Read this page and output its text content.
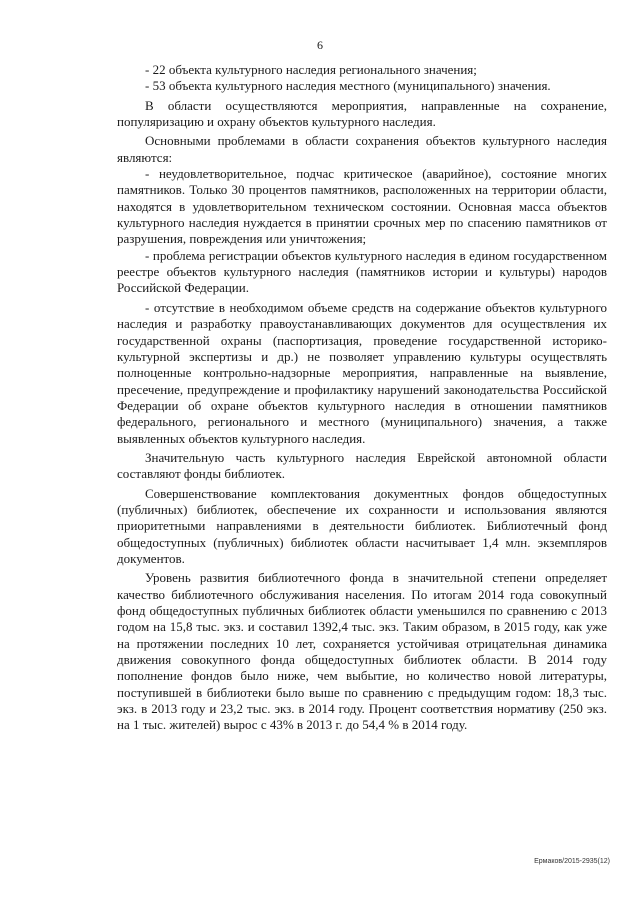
6

- 22 объекта культурного наследия регионального значения;

- 53 объекта культурного наследия местного (муниципального) значения.

В области осуществляются мероприятия, направленные на сохранение, популяризацию и охрану объектов культурного наследия.

Основными проблемами в области сохранения объектов культурного наследия являются:

- неудовлетворительное, подчас критическое (аварийное), состояние многих памятников. Только 30 процентов памятников, расположенных на территории области, находятся в удовлетворительном техническом состоянии. Основная масса объектов культурного наследия нуждается в принятии срочных мер по спасению памятников от разрушения, повреждения или уничтожения;

- проблема регистрации объектов культурного наследия в едином государственном реестре объектов культурного наследия (памятников истории и культуры) народов Российской Федерации.

- отсутствие в необходимом объеме средств на содержание объектов культурного наследия и разработку правоустанавливающих документов для осуществления их государственной охраны (паспортизация, проведение государственной историко-культурной экспертизы и др.) не позволяет управлению культуры осуществлять полноценные контрольно-надзорные мероприятия, направленные на выявление, пресечение, предупреждение и профилактику нарушений законодательства Российской Федерации об охране объектов культурного наследия в отношении памятников федерального, регионального и местного (муниципального) значения, а также выявленных объектов культурного наследия.

Значительную часть культурного наследия Еврейской автономной области составляют фонды библиотек.

Совершенствование комплектования документных фондов общедоступных (публичных) библиотек, обеспечение их сохранности и использования являются приоритетными направлениями в деятельности библиотек. Библиотечный фонд общедоступных (публичных) библиотек области насчитывает 1,4 млн. экземпляров документов.

Уровень развития библиотечного фонда в значительной степени определяет качество библиотечного обслуживания населения. По итогам 2014 года совокупный фонд общедоступных публичных библиотек области уменьшился по сравнению с 2013 годом на 15,8 тыс. экз. и составил 1392,4 тыс. экз. Таким образом, в 2015 году, как уже на протяжении последних 10 лет, сохраняется устойчивая отрицательная динамика движения совокупного фонда общедоступных библиотек области. В 2014 году пополнение фондов было ниже, чем выбытие, но количество новой литературы, поступившей в библиотеки было выше по сравнению с предыдущим годом: 18,3 тыс. экз. в 2013 году и 23,2 тыс. экз. в 2014 году. Процент соответствия нормативу (250 экз. на 1 тыс. жителей) вырос с 43% в 2013 г. до 54,4 % в 2014 году.

Ермаков/2015-2935(12)
